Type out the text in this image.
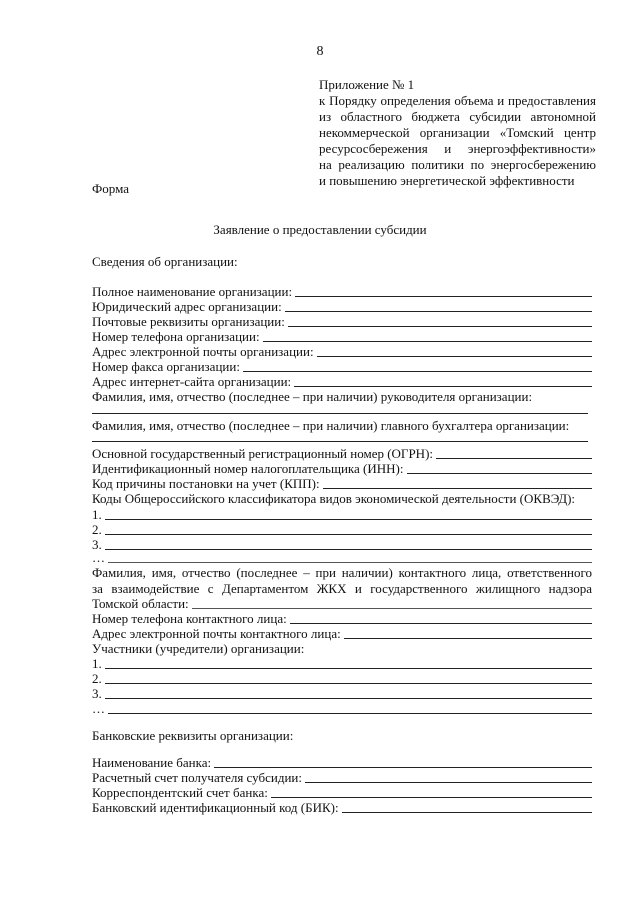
8
Приложение № 1
к Порядку определения объема и предоставления
из областного бюджета субсидии автономной
некоммерческой организации «Томский центр
ресурсосбережения и энергоэффективности»
на реализацию политики по энергосбережению
и повышению энергетической эффективности
Форма
Заявление о предоставлении субсидии
Сведения об организации:
Полное наименование организации:
Юридический адрес организации:
Почтовые реквизиты организации:
Номер телефона организации:
Адрес электронной почты организации:
Номер факса организации:
Адрес интернет-сайта организации:
Фамилия, имя, отчество (последнее – при наличии) руководителя организации:
Фамилия, имя, отчество (последнее – при наличии) главного бухгалтера организации:
Основной государственный регистрационный номер (ОГРН):
Идентификационный номер налогоплательщика (ИНН):
Код причины постановки на учет (КПП):
Коды Общероссийского классификатора видов экономической деятельности (ОКВЭД):
1.
2.
3.
…
Фамилия, имя, отчество (последнее – при наличии) контактного лица, ответственного
за взаимодействие с Департаментом ЖКХ и государственного жилищного надзора
Томской области:
Номер телефона контактного лица:
Адрес электронной почты контактного лица:
Участники (учредители) организации:
1.
2.
3.
…
Банковские реквизиты организации:
Наименование банка:
Расчетный счет получателя субсидии:
Корреспондентский счет банка:
Банковский идентификационный код (БИК):
